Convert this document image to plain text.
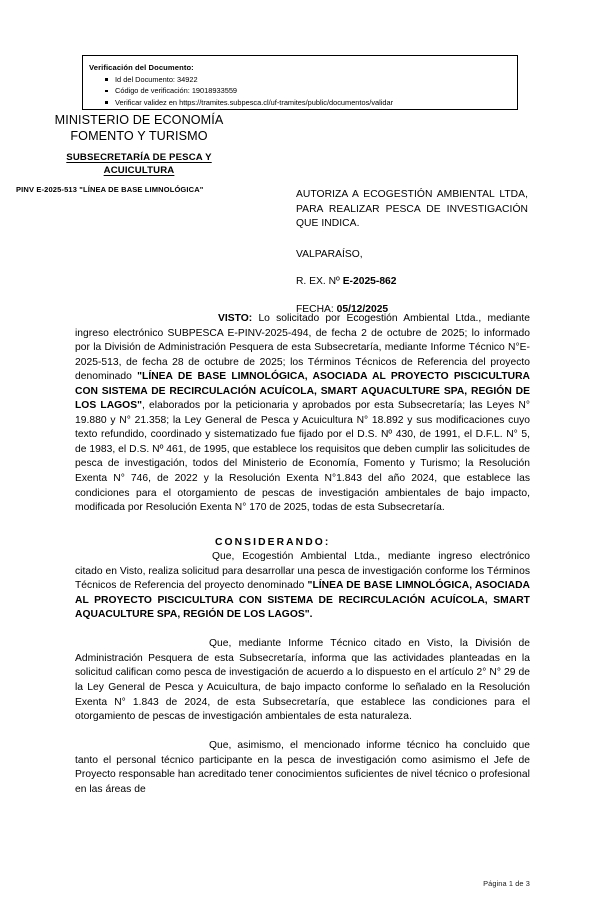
Verificación del Documento:
Id del Documento: 34922
Código de verificación: 19018933559
Verificar validez en https://tramites.subpesca.cl/uf-tramites/public/documentos/validar
MINISTERIO DE ECONOMÍA
FOMENTO Y TURISMO
SUBSECRETARÍA DE PESCA Y
ACUICULTURA
PINV E-2025-513 "LÍNEA DE BASE LIMNOLÓGICA"	AUTORIZA A ECOGESTIÓN AMBIENTAL LTDA, PARA REALIZAR PESCA DE INVESTIGACIÓN QUE INDICA.
VALPARAÍSO,
R. EX. Nº E-2025-862
FECHA: 05/12/2025

VISTO: Lo solicitado por Ecogestión Ambiental Ltda., mediante ingreso electrónico SUBPESCA E-PINV-2025-494, de fecha 2 de octubre de 2025; lo informado por la División de Administración Pesquera de esta Subsecretaría, mediante Informe Técnico N°E-2025-513, de fecha 28 de octubre de 2025; los Términos Técnicos de Referencia del proyecto denominado "LÍNEA DE BASE LIMNOLÓGICA, ASOCIADA AL PROYECTO PISCICULTURA CON SISTEMA DE RECIRCULACIÓN ACUÍCOLA, SMART AQUACULTURE SPA, REGIÓN DE LOS LAGOS", elaborados por la peticionaria y aprobados por esta Subsecretaría; las Leyes N° 19.880 y N° 21.358; la Ley General de Pesca y Acuicultura N° 18.892 y sus modificaciones cuyo texto refundido, coordinado y sistematizado fue fijado por el D.S. Nº 430, de 1991, el D.F.L. N° 5, de 1983, el D.S. Nº 461, de 1995, que establece los requisitos que deben cumplir las solicitudes de pesca de investigación, todos del Ministerio de Economía, Fomento y Turismo; la Resolución Exenta N° 746, de 2022 y la Resolución Exenta N°1.843 del año 2024, que establece las condiciones para el otorgamiento de pescas de investigación ambientales de bajo impacto, modificada por Resolución Exenta N° 170 de 2025, todas de esta Subsecretaría.

CONSIDERANDO:

Que, Ecogestión Ambiental Ltda., mediante ingreso electrónico citado en Visto, realiza solicitud para desarrollar una pesca de investigación conforme los Términos Técnicos de Referencia del proyecto denominado "LÍNEA DE BASE LIMNOLÓGICA, ASOCIADA AL PROYECTO PISCICULTURA CON SISTEMA DE RECIRCULACIÓN ACUÍCOLA, SMART AQUACULTURE SPA, REGIÓN DE LOS LAGOS".

Que, mediante Informe Técnico citado en Visto, la División de Administración Pesquera de esta Subsecretaría, informa que las actividades planteadas en la solicitud califican como pesca de investigación de acuerdo a lo dispuesto en el artículo 2° N° 29 de la Ley General de Pesca y Acuicultura, de bajo impacto conforme lo señalado en la Resolución Exenta N° 1.843 de 2024, de esta Subsecretaría, que establece las condiciones para el otorgamiento de pescas de investigación ambientales de esta naturaleza.

Que, asimismo, el mencionado informe técnico ha concluido que tanto el personal técnico participante en la pesca de investigación como asimismo el Jefe de Proyecto responsable han acreditado tener conocimientos suficientes de nivel técnico o profesional en las áreas de

Página 1 de 3
